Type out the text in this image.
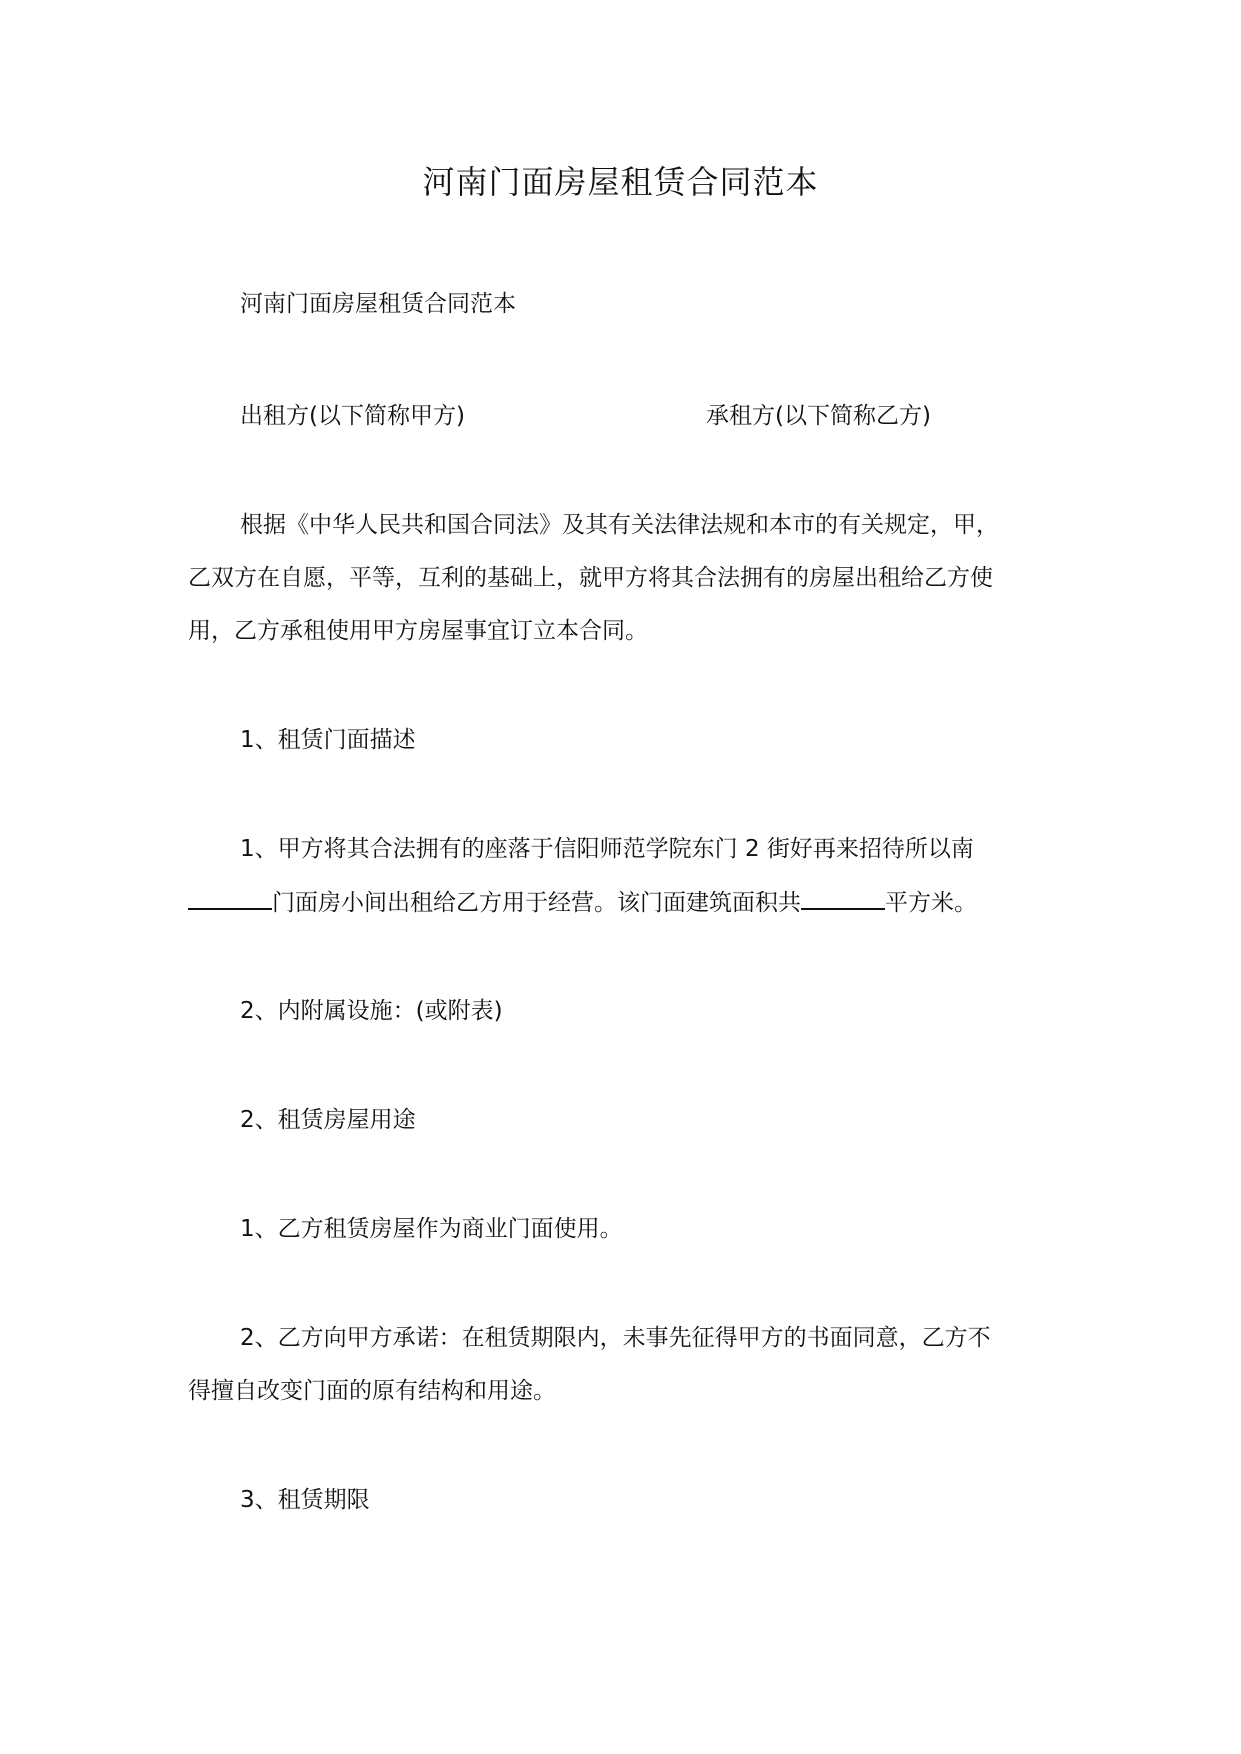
河南门面房屋租赁合同范本
河南门面房屋租赁合同范本
出租方(以下简称甲方)	承租方(以下简称乙方)
根据《中华人民共和国合同法》及其有关法律法规和本市的有关规定，甲，
乙双方在自愿，平等，互利的基础上，就甲方将其合法拥有的房屋出租给乙方使
用，乙方承租使用甲方房屋事宜订立本合同。
1、租赁门面描述
1、甲方将其合法拥有的座落于信阳师范学院东门 2 街好再来招待所以南
门面房小间出租给乙方用于经营。该门面建筑面积共	平方米。
2、内附属设施：(或附表)
2、租赁房屋用途
1、乙方租赁房屋作为商业门面使用。
2、乙方向甲方承诺：在租赁期限内，未事先征得甲方的书面同意，乙方不
得擅自改变门面的原有结构和用途。
3、租赁期限
